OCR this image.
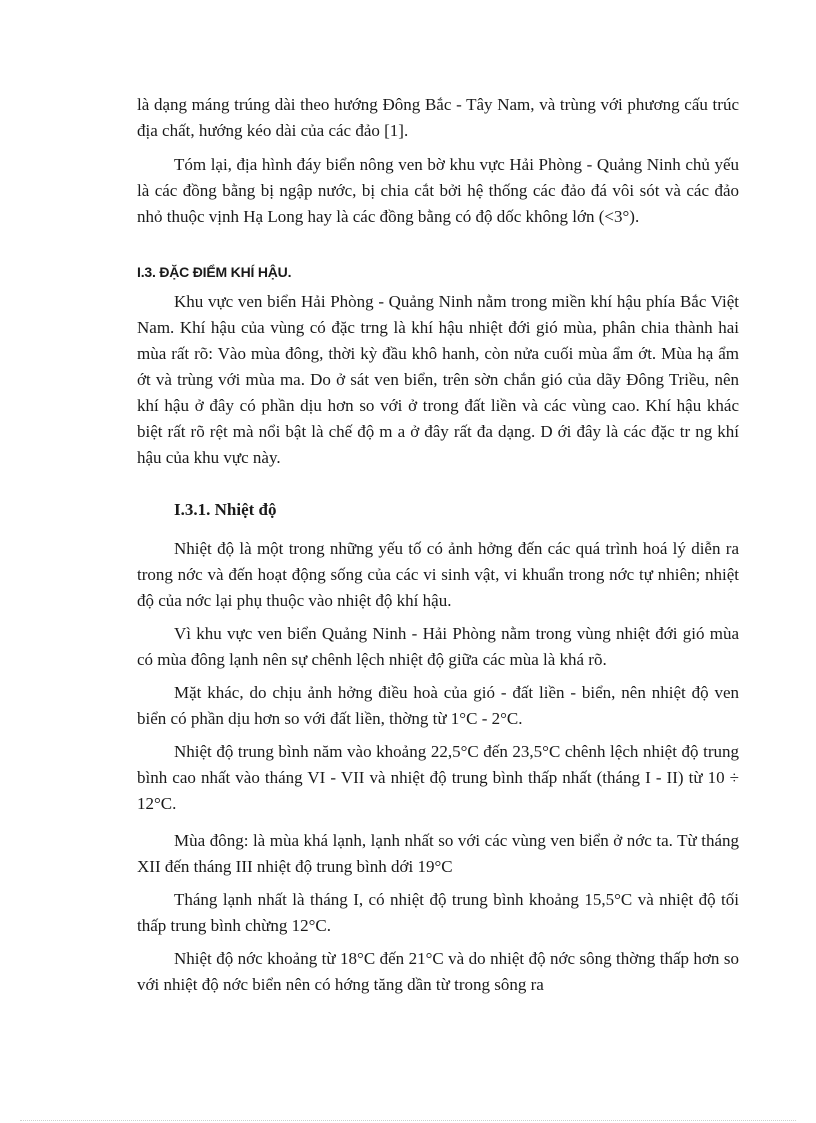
là dạng máng trúng dài theo hướng Đông Bắc - Tây Nam, và trùng với phương cấu trúc địa chất, hướng kéo dài của các đảo [1].

Tóm lại, địa hình đáy biển nông ven bờ khu vực Hải Phòng - Quảng Ninh chủ yếu là các đồng bằng bị ngập nước, bị chia cắt bởi hệ thống các đảo đá vôi sót và các đảo nhỏ thuộc vịnh Hạ Long hay là các đồng bằng có độ dốc không lớn (<3°).

I.3. ĐẶC ĐIỂM KHÍ HẬU.

Khu vực ven biển Hải Phòng - Quảng Ninh nằm trong miền khí hậu phía Bắc Việt Nam. Khí hậu của vùng có đặc trng là khí hậu nhiệt đới gió mùa, phân chia thành hai mùa rất rõ: Vào mùa đông, thời kỳ đầu khô hanh, còn nửa cuối mùa ẩm ớt. Mùa hạ ẩm ớt và trùng với mùa ma. Do ở sát ven biển, trên sờn chắn gió của dãy Đông Triều, nên khí hậu ở đây có phần dịu hơn so với ở trong đất liền và các vùng cao. Khí hậu khác biệt rất rõ rệt mà nổi bật là chế độ m a ở đây rất đa dạng. D ới đây là các đặc tr ng khí hậu của khu vực này.

I.3.1. Nhiệt độ

Nhiệt độ là một trong những yếu tố có ảnh hởng đến các quá trình hoá lý diễn ra trong nớc và đến hoạt động sống của các vi sinh vật, vi khuẩn trong nớc tự nhiên; nhiệt độ của nớc lại phụ thuộc vào nhiệt độ khí hậu.

Vì khu vực ven biển Quảng Ninh - Hải Phòng nằm trong vùng nhiệt đới gió mùa có mùa đông lạnh nên sự chênh lệch nhiệt độ giữa các mùa là khá rõ.

Mặt khác, do chịu ảnh hởng điều hoà của gió - đất liền - biển, nên nhiệt độ ven biển có phần dịu hơn so với đất liền, thờng từ 1°C - 2°C.

Nhiệt độ trung bình năm vào khoảng 22,5°C đến 23,5°C chênh lệch nhiệt độ trung bình cao nhất vào tháng VI - VII và nhiệt độ trung bình thấp nhất (tháng I - II) từ 10 ÷ 12°C.

Mùa đông: là mùa khá lạnh, lạnh nhất so với các vùng ven biển ở nớc ta. Từ tháng XII đến tháng III nhiệt độ trung bình dới 19°C

Tháng lạnh nhất là tháng I, có nhiệt độ trung bình khoảng 15,5°C và nhiệt độ tối thấp trung bình chừng 12°C.

Nhiệt độ nớc khoảng từ 18°C đến 21°C và do nhiệt độ nớc sông thờng thấp hơn so với nhiệt độ nớc biển nên có hớng tăng dần từ trong sông ra
